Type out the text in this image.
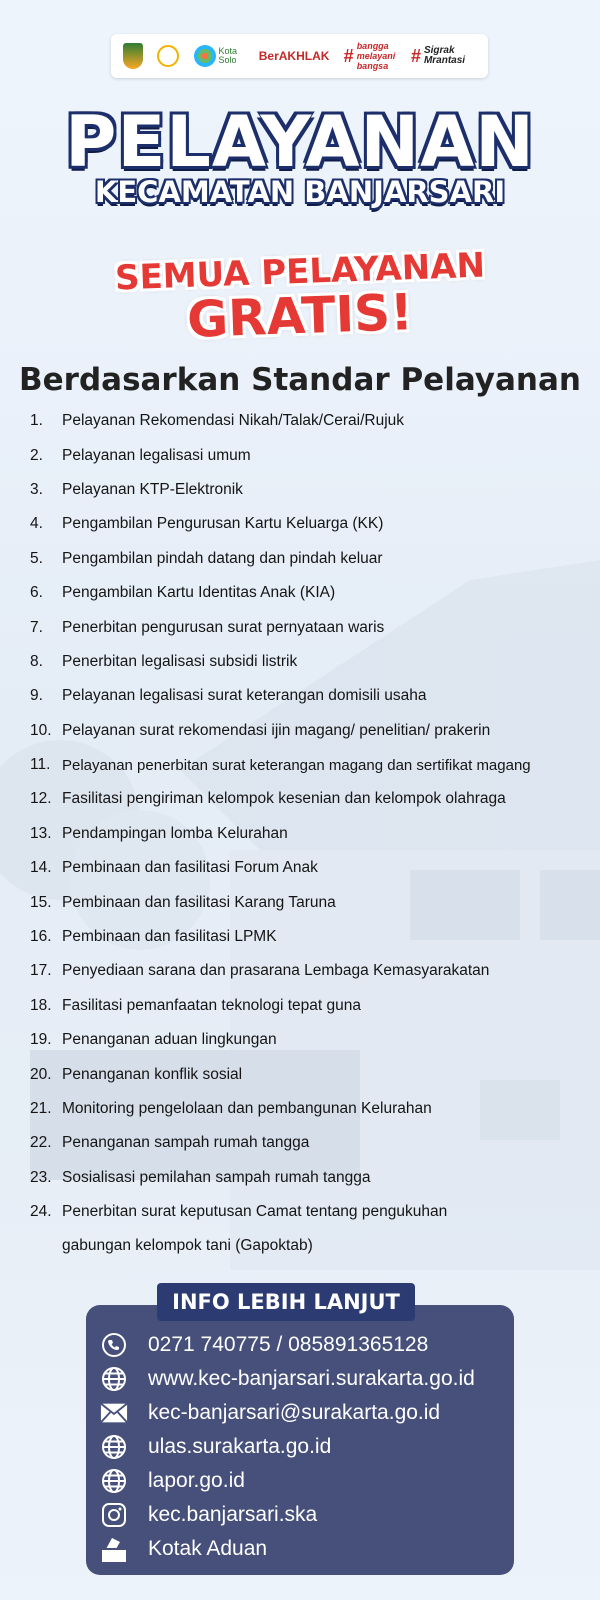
Kota Solo	BerAKHLAK # bangga melayani bangsa	# Sigrak Mrantasi
PELAYANAN
KECAMATAN BANJARSARI
SEMUA PELAYANAN
GRATIS!
Berdasarkan Standar Pelayanan
1.	Pelayanan Rekomendasi Nikah/Talak/Cerai/Rujuk
2.	Pelayanan legalisasi umum
3.	Pelayanan KTP-Elektronik
4.	Pengambilan Pengurusan Kartu Keluarga (KK)
5.	Pengambilan pindah datang dan pindah keluar
6.	Pengambilan Kartu Identitas Anak (KIA)
7.	Penerbitan pengurusan surat pernyataan waris
8.	Penerbitan legalisasi subsidi listrik
9.	Pelayanan legalisasi surat keterangan domisili usaha
10. Pelayanan surat rekomendasi ijin magang/ penelitian/ prakerin
11. Pelayanan penerbitan surat keterangan magang dan sertifikat magang
12. Fasilitasi pengiriman kelompok kesenian dan kelompok olahraga
13. Pendampingan lomba Kelurahan
14. Pembinaan dan fasilitasi Forum Anak
15. Pembinaan dan fasilitasi Karang Taruna
16. Pembinaan dan fasilitasi LPMK
17. Penyediaan sarana dan prasarana Lembaga Kemasyarakatan
18. Fasilitasi pemanfaatan teknologi tepat guna
19. Penanganan aduan lingkungan
20. Penanganan konflik sosial
21. Monitoring pengelolaan dan pembangunan Kelurahan
22. Penanganan sampah rumah tangga
23. Sosialisasi pemilahan sampah rumah tangga
24. Penerbitan surat keputusan Camat tentang pengukuhan gabungan kelompok tani (Gapoktab)
INFO LEBIH LANJUT
0271 740775 / 085891365128
www.kec-banjarsari.surakarta.go.id
kec-banjarsari@surakarta.go.id
ulas.surakarta.go.id
lapor.go.id
kec.banjarsari.ska
Kotak Aduan
